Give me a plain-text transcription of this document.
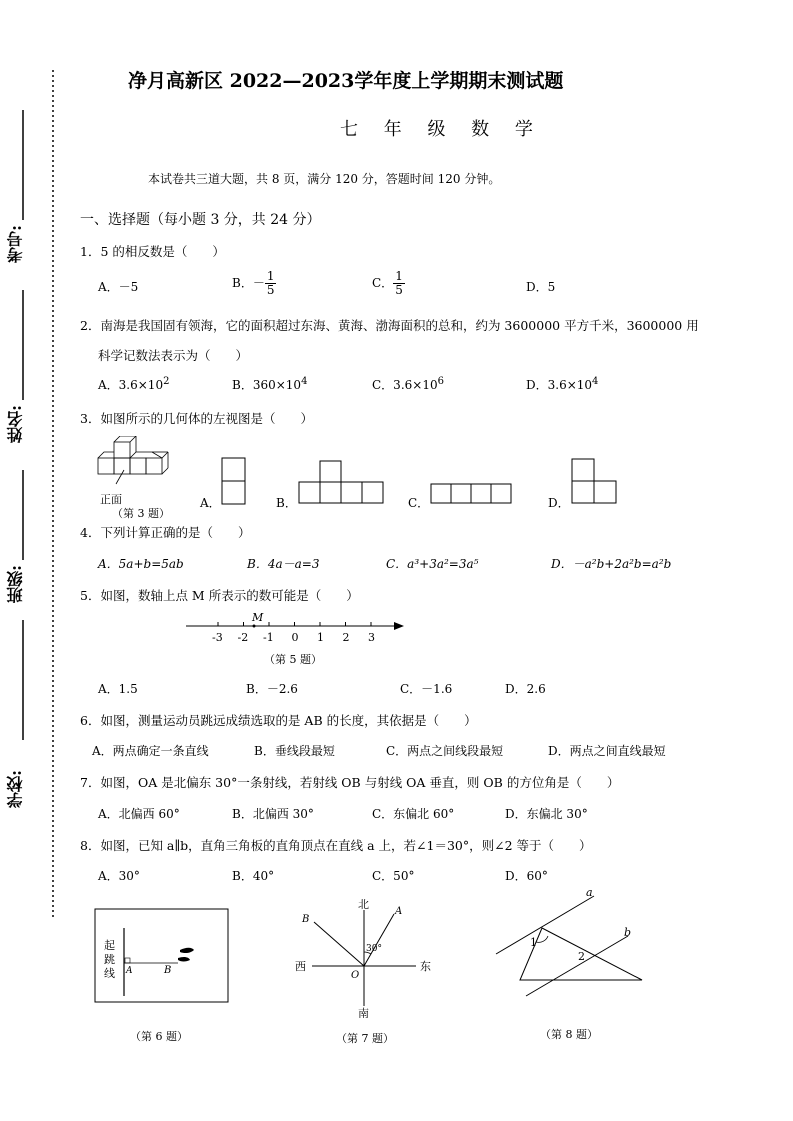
考号:
姓名:
班级:
学校:
净月高新区 2022—2023学年度上学期期末测试题
七 年 级 数 学
本试卷共三道大题，共 8 页，满分 120 分，答题时间 120 分钟。
一、选择题（每小题 3 分，共 24 分）
1．5 的相反数是（　　）
A．－5	B．－ $\frac{1}{5}$	C． $\frac{1}{5}$	D．5
2．南海是我国固有领海，它的面积超过东海、黄海、渤海面积的总和，约为 3600000 平方千米，3600000 用
科学记数法表示为（　　）
A．$3.6\times 10^2$	B．$360\times 10^4$	C．$3.6\times 10^6$	D．$3.6\times 10^4$
3．如图所示的几何体的左视图是（　　）
正面
（第 3 题）
A．	B．	C．	D．
4．下列计算正确的是（　　）
A．5a+b=5ab	B．4a－a=3	C．a³+3a²=3a⁵	D．－a²b+2a²b=a²b
5．如图，数轴上点 M 所表示的数可能是（　　）
-3 -2 -1 0 1 2 3
M
（第 5 题）
A．1.5	B．－2.6	C．－1.6	D．2.6
6．如图，测量运动员跳远成绩选取的是 AB 的长度，其依据是（　　）
A．两点确定一条直线	B．垂线段最短	C．两点之间线段最短	D．两点之间直线最短
7．如图，OA 是北偏东 30°一条射线，若射线 OB 与射线 OA 垂直，则 OB 的方位角是（　　）
A．北偏西 60°	B．北偏西 30°	C．东偏北 60°	D．东偏北 30°
8．如图，已知 a∥b，直角三角板的直角顶点在直线 a 上，若∠1＝30°，则∠2 等于（　　）
A．30°	B．40°	C．50°	D．60°
起
跳
线 A	B
（第 6 题）
北
南
西	东
A
B
O
30°
（第 7 题）
a
b
1
2
（第 8 题）
